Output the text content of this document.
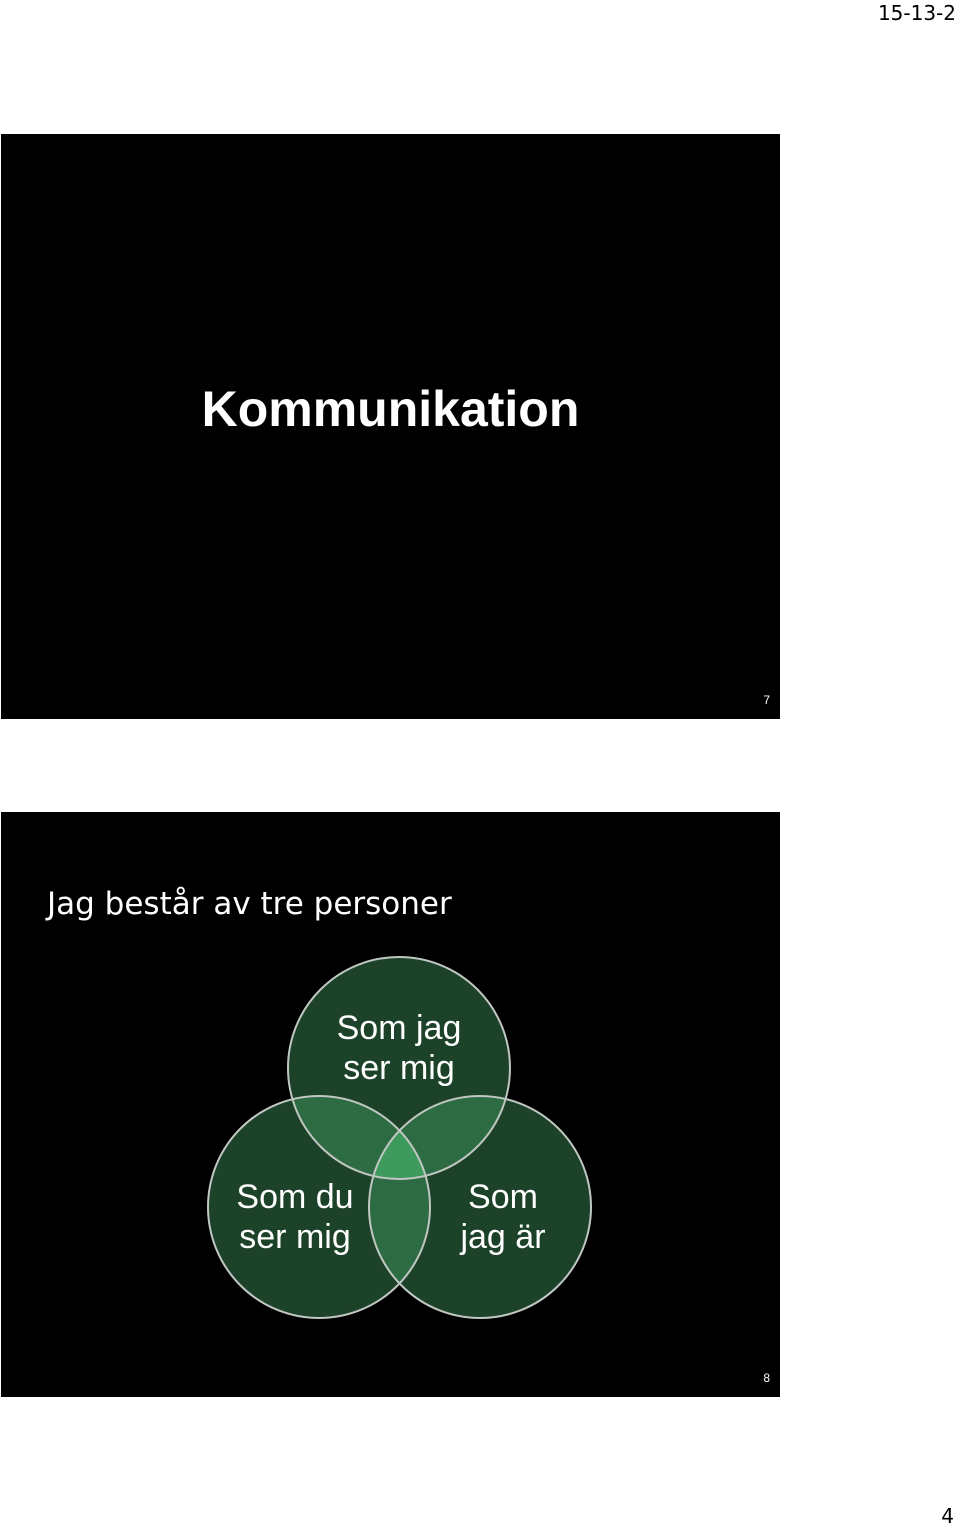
15-13-2
Kommunikation
7
Jag består av tre personer
Som jag
ser mig
Som du
ser mig
Som
jag är
8
4
